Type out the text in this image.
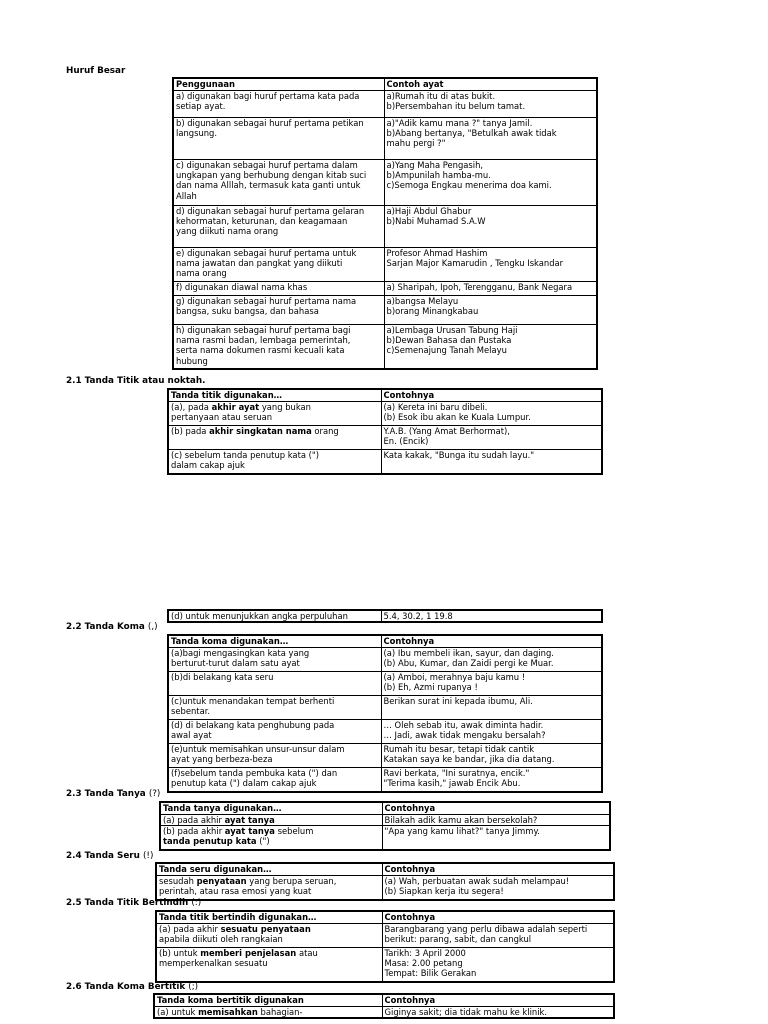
Huruf Besar
Penggunaan	Contoh ayat
a) digunakan bagi huruf pertama kata pada
setiap ayat.	a)Rumah itu di atas bukit.
b)Persembahan itu belum tamat.
b) digunakan sebagai huruf pertama petikan
langsung.	a)"Adik kamu mana ?" tanya Jamil.
b)Abang bertanya, "Betulkah awak tidak
mahu pergi ?"
c) digunakan sebagai huruf pertama dalam
ungkapan yang berhubung dengan kitab suci
dan nama Alllah, termasuk kata ganti untuk
Allah	a)Yang Maha Pengasih,
b)Ampunilah hamba-mu.
c)Semoga Engkau menerima doa kami.
d) digunakan sebagai huruf pertama gelaran
kehormatan, keturunan, dan keagamaan
yang diikuti nama orang	a)Haji Abdul Ghabur
b)Nabi Muhamad S.A.W
e) digunakan sebagai huruf pertama untuk
nama jawatan dan pangkat yang diikuti
nama orang	Profesor Ahmad Hashim
Sarjan Major Kamarudin , Tengku Iskandar
f) digunakan diawal nama khas	a) Sharipah, Ipoh, Terengganu, Bank Negara
g) digunakan sebagai huruf pertama nama
bangsa, suku bangsa, dan bahasa	a)bangsa Melayu
b)orang Minangkabau
h) digunakan sebagai huruf pertama bagi
nama rasmi badan, lembaga pemerintah,
serta nama dokumen rasmi kecuali kata
hubung	a)Lembaga Urusan Tabung Haji
b)Dewan Bahasa dan Pustaka
c)Semenajung Tanah Melayu
2.1 Tanda Titik atau noktah.
Tanda titik digunakan…	Contohnya
(a), pada akhir ayat yang bukan
pertanyaan atau seruan	(a) Kereta ini baru dibeli.
(b) Esok ibu akan ke Kuala Lumpur.
(b) pada akhir singkatan nama orang	Y.A.B. (Yang Amat Berhormat),
En. (Encik)
(c) sebelum tanda penutup kata (")
dalam cakap ajuk	Kata kakak, "Bunga itu sudah layu."
(d) untuk menunjukkan angka perpuluhan	5.4, 30.2, 1 19.8
2.2 Tanda Koma (,)
Tanda koma digunakan…	Contohnya
(a)bagi mengasingkan kata yang
berturut-turut dalam satu ayat	(a) Ibu membeli ikan, sayur, dan daging.
(b) Abu, Kumar, dan Zaidi pergi ke Muar.
(b)di belakang kata seru	(a) Amboi, merahnya baju kamu !
(b) Eh, Azmi rupanya !
(c)untuk menandakan tempat berhenti
sebentar.	Berikan surat ini kepada ibumu, Ali.
(d) di belakang kata penghubung pada
awal ayat	… Oleh sebab itu, awak diminta hadir.
… Jadi, awak tidak mengaku bersalah?
(e)untuk memisahkan unsur-unsur dalam
ayat yang berbeza-beza	Rumah itu besar, tetapi tidak cantik
Katakan saya ke bandar, jika dia datang.
(f)sebelum tanda pembuka kata (") dan
penutup kata (") dalam cakap ajuk	Ravi berkata, "Ini suratnya, encik."
"Terima kasih," jawab Encik Abu.
2.3 Tanda Tanya (?)
Tanda tanya digunakan…	Contohnya
(a) pada akhir ayat tanya	Bilakah adik kamu akan bersekolah?
(b) pada akhir ayat tanya sebelum
tanda penutup kata (")	"Apa yang kamu lihat?" tanya Jimmy.
2.4 Tanda Seru (!)
Tanda seru digunakan…	Contohnya
sesudah penyataan yang berupa seruan,
perintah, atau rasa emosi yang kuat	(a) Wah, perbuatan awak sudah melampau!
(b) Siapkan kerja itu segera!
2.5 Tanda Titik Bertindih (:)
Tanda titik bertindih digunakan…	Contohnya
(a) pada akhir sesuatu penyataan
apabila diikuti oleh rangkaian	Barangbarang yang perlu dibawa adalah seperti
berikut: parang, sabit, dan cangkul
(b) untuk memberi penjelasan atau
memperkenalkan sesuatu	Tarikh: 3 April 2000
Masa: 2.00 petang
Tempat: Bilik Gerakan
2.6 Tanda Koma Bertitik (;)
Tanda koma bertitik digunakan	Contohnya
(a) untuk memisahkan bahagian-	Giginya sakit; dia tidak mahu ke klinik.
